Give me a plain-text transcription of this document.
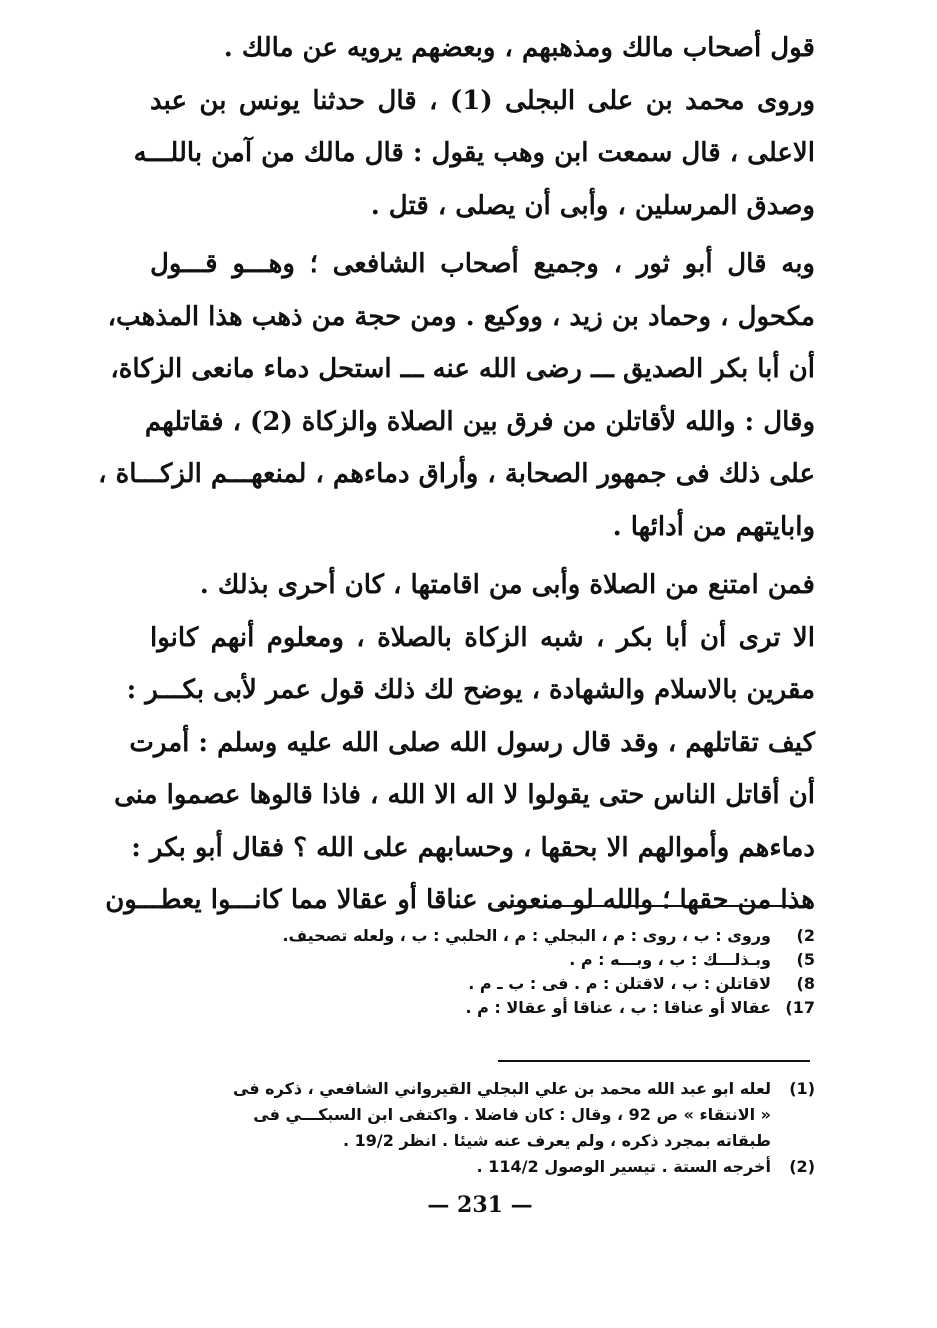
قول أصحاب مالك ومذهبهم ، وبعضهم يرويه عن مالك .
وروى محمد بن على البجلى (1) ، قال حدثنا يونس بن عبد
الاعلى ، قال سمعت ابن وهب يقول : قال مالك من آمن باللـــه
وصدق المرسلين ، وأبى أن يصلى ، قتل .
وبه قال أبو ثور ، وجميع أصحاب الشافعى ؛ وهـــو قـــول
مكحول ، وحماد بن زيد ، ووكيع . ومن حجة من ذهب هذا المذهب،
أن أبا بكر الصديق ـــ رضى الله عنه ـــ استحل دماء مانعى الزكاة،
وقال : والله لأقاتلن من فرق بين الصلاة والزكاة (2) ، فقاتلهم
على ذلك فى جمهور الصحابة ، وأراق دماءهم ، لمنعهـــم الزكـــاة ،
وابايتهم من أدائها .
فمن امتنع من الصلاة وأبى من اقامتها ، كان أحرى بذلك .
الا ترى أن أبا بكر ، شبه الزكاة بالصلاة ، ومعلوم أنهم كانوا
مقرين بالاسلام والشهادة ، يوضح لك ذلك قول عمر لأبى بكـــر :
كيف تقاتلهم ، وقد قال رسول الله صلى الله عليه وسلم : أمرت
أن أقاتل الناس حتى يقولوا لا اله الا الله ، فاذا قالوها عصموا منى
دماءهم وأموالهم الا بحقها ، وحسابهم على الله ؟ فقال أبو بكر :
هذا من حقها ؛ والله لو منعونى عناقا أو عقالا مما كانـــوا يعطـــون
2)
وروى : ب ، روى : م ، البجلي : م ، الحلبي : ب ، ولعله تصحيف.
5)
وبـذلـــك : ب ، وبـــه : م .
8)
لاقاتلن : ب ، لاقتلن : م . فى : ب ـ م .
17)
عقالا أو عناقا : ب ، عناقا أو عقالا : م .
(1)
لعله ابو عبد الله محمد بن علي البجلي القيرواني الشافعي ، ذكره فى
« الانتقاء » ص 92 ، وقال : كان فاضلا . واكتفى ابن السبكـــي فى
طبقاته بمجرد ذكره ، ولم يعرف عنه شيئا . انظر 19/2 .
(2)
أخرجه الستة . تيسير الوصول 114/2 .
— 231 —
